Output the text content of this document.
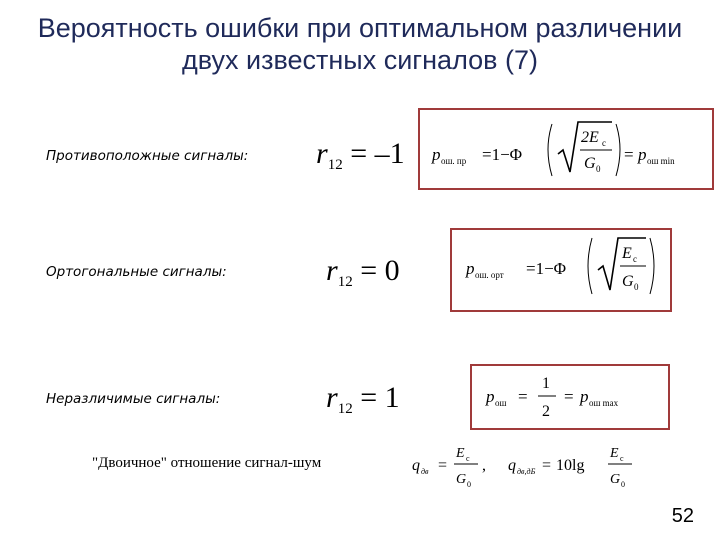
Вероятность ошибки при оптимальном различении
двух известных сигналов (7)
Противоположные сигналы: $r_{12} = -1$ p ош. пр =1−Φ
2E с
G 0
= p ош min
Ортогональные сигналы:	$r_{12} = 0$	p ош. орт =1−Φ
E с
G 0
Неразличимые сигналы:	$r_{12} = 1$	p ош =
1
2
= p ош max
"Двоичное" отношение сигнал-шум	q дв =
E с
G 0
, q дв,дБ = 10lg
E с
G 0
52
